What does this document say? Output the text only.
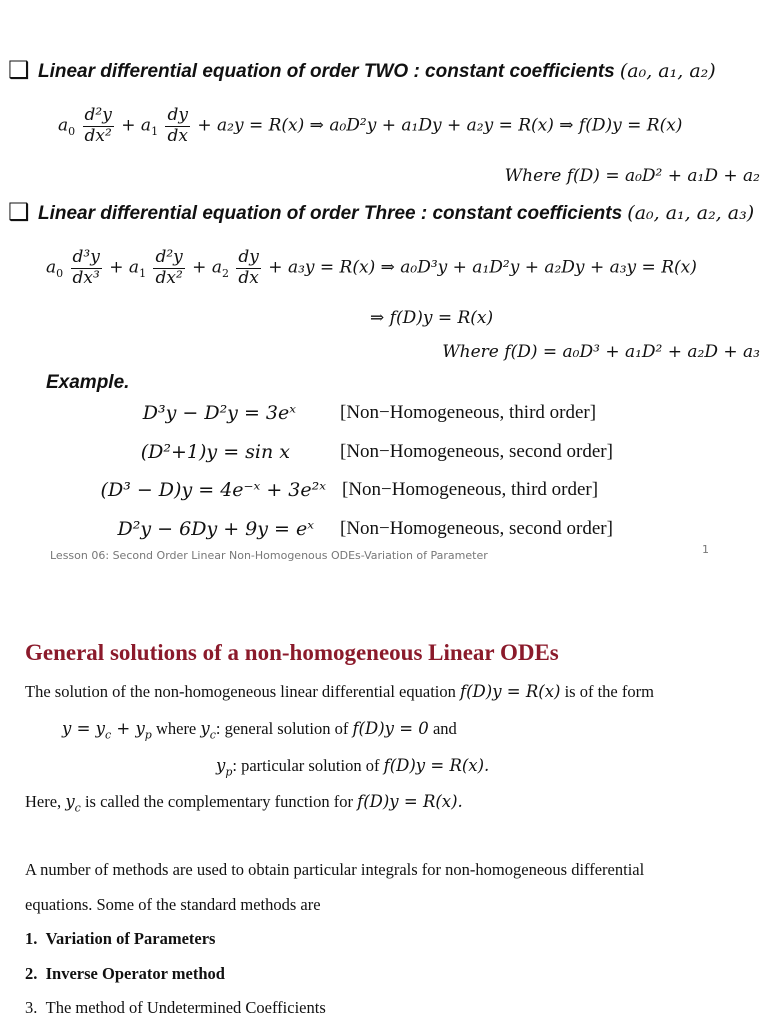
❑ Linear differential equation of order TWO : constant coefficients (a₀, a₁, a₂)
$a_0 \frac{\text{d²y}}{\text{dx²}} + a_1 \frac{dy}{dx} + a_2y = R(x)$ ⇒ a₀D²y + a₁Dy + a₂y = R(x) ⇒ f(D)y = R(x)
Where f(D) = a₀D² + a₁D + a₂
❑ Linear differential equation of order Three : constant coefficients (a₀, a₁, a₂, a₃)
$a_0 \frac{\text{d³y}}{\text{dx³}} + a_1 \frac{\text{d²y}}{\text{dx²}} + a_2 \frac{dy}{dx} + a_3y = R(x)$ ⇒ a₀D³y + a₁D²y + a₂Dy + a₃y = R(x)
⇒ f(D)y = R(x)
Where f(D) = a₀D³ + a₁D² + a₂D + a₃
Example.
D³y − D²y = 3eˣ [Non−Homogeneous, third order]
(D²+1)y = sin x	[Non−Homogeneous, second order]
(D³ − D)y = 4e⁻ˣ + 3e²ˣ [Non−Homogeneous, third order]
D²y − 6Dy + 9y = eˣ [Non−Homogeneous, second order]
Lesson 06: Second Order Linear Non-Homogenous ODEs-Variation of Parameter	1
General solutions of a non-homogeneous Linear ODEs
The solution of the non-homogeneous linear differential equation f(D)y = R(x) is of the form
$y = y_c + y_p$ where $y_c$: general solution of f(D)y = 0 and
$y_p$: particular solution of f(D)y = R(x).
Here, $y_c$ is called the complementary function for f(D)y = R(x).
A number of methods are used to obtain particular integrals for non-homogeneous differential
equations. Some of the standard methods are
1. Variation of Parameters
2. Inverse Operator method
3. The method of Undetermined Coefficients
